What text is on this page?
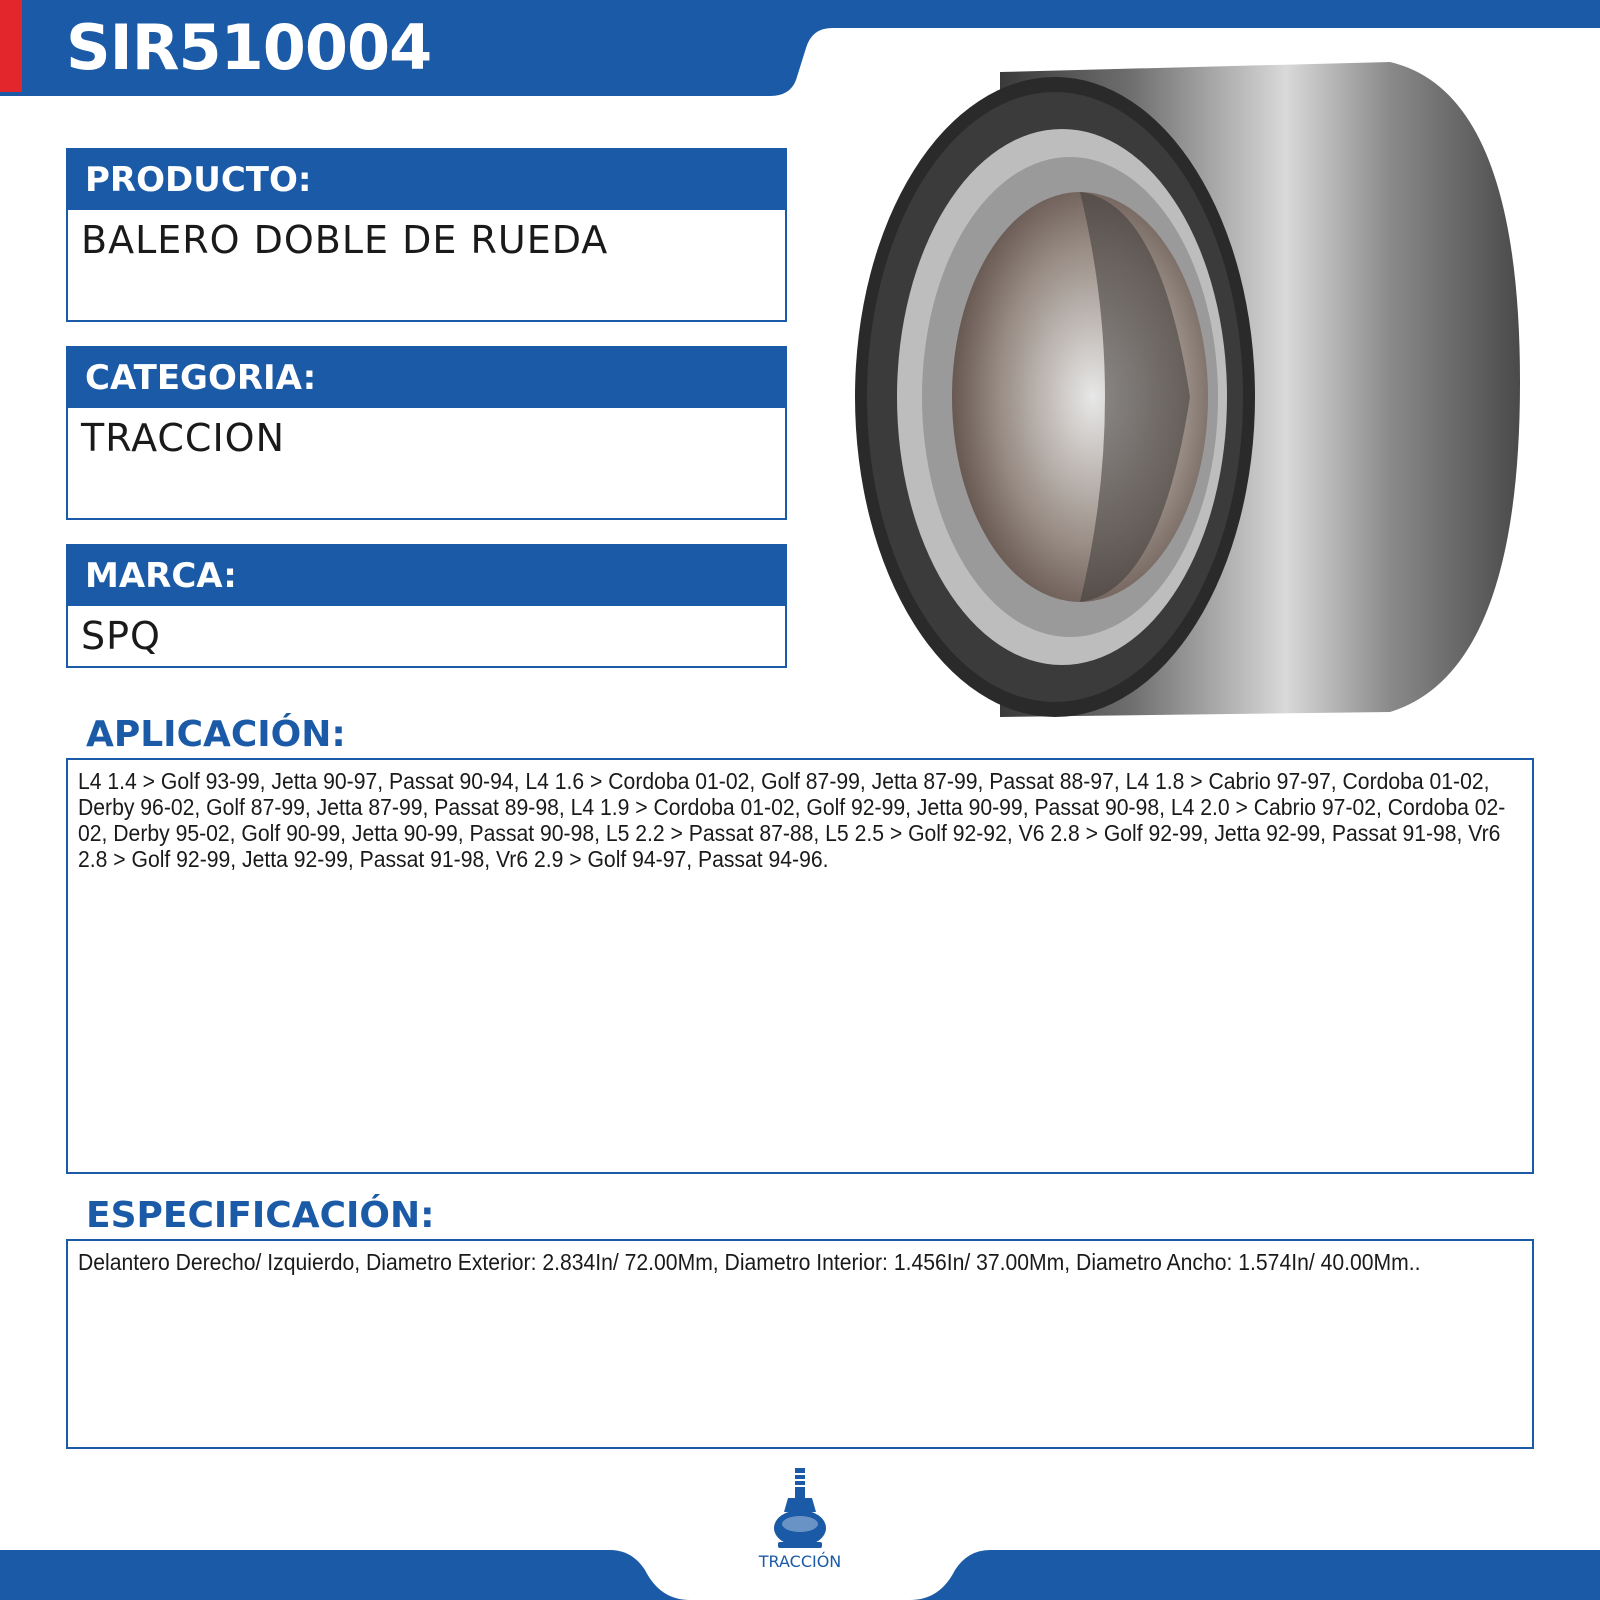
SIR510004
PRODUCTO:
BALERO DOBLE DE RUEDA
CATEGORIA:
TRACCION
MARCA:
SPQ
APLICACIÓN:
L4 1.4 > Golf 93-99, Jetta 90-97, Passat 90-94, L4 1.6 > Cordoba 01-02, Golf 87-99, Jetta 87-99, Passat 88-97, L4 1.8 > Cabrio 97-97, Cordoba 01-02, Derby 96-02, Golf 87-99, Jetta 87-99, Passat 89-98, L4 1.9 > Cordoba 01-02, Golf 92-99, Jetta 90-99, Passat 90-98, L4 2.0 > Cabrio 97-02, Cordoba 02-02, Derby 95-02, Golf 90-99, Jetta 90-99, Passat 90-98, L5 2.2 > Passat 87-88, L5 2.5 > Golf 92-92, V6 2.8 > Golf 92-99, Jetta 92-99, Passat 91-98, Vr6 2.8 > Golf 92-99, Jetta 92-99, Passat 91-98, Vr6 2.9 > Golf 94-97, Passat 94-96.
ESPECIFICACIÓN:
Delantero Derecho/ Izquierdo, Diametro Exterior: 2.834In/ 72.00Mm, Diametro Interior: 1.456In/ 37.00Mm, Diametro Ancho: 1.574In/ 40.00Mm..
TRACCIÓN
